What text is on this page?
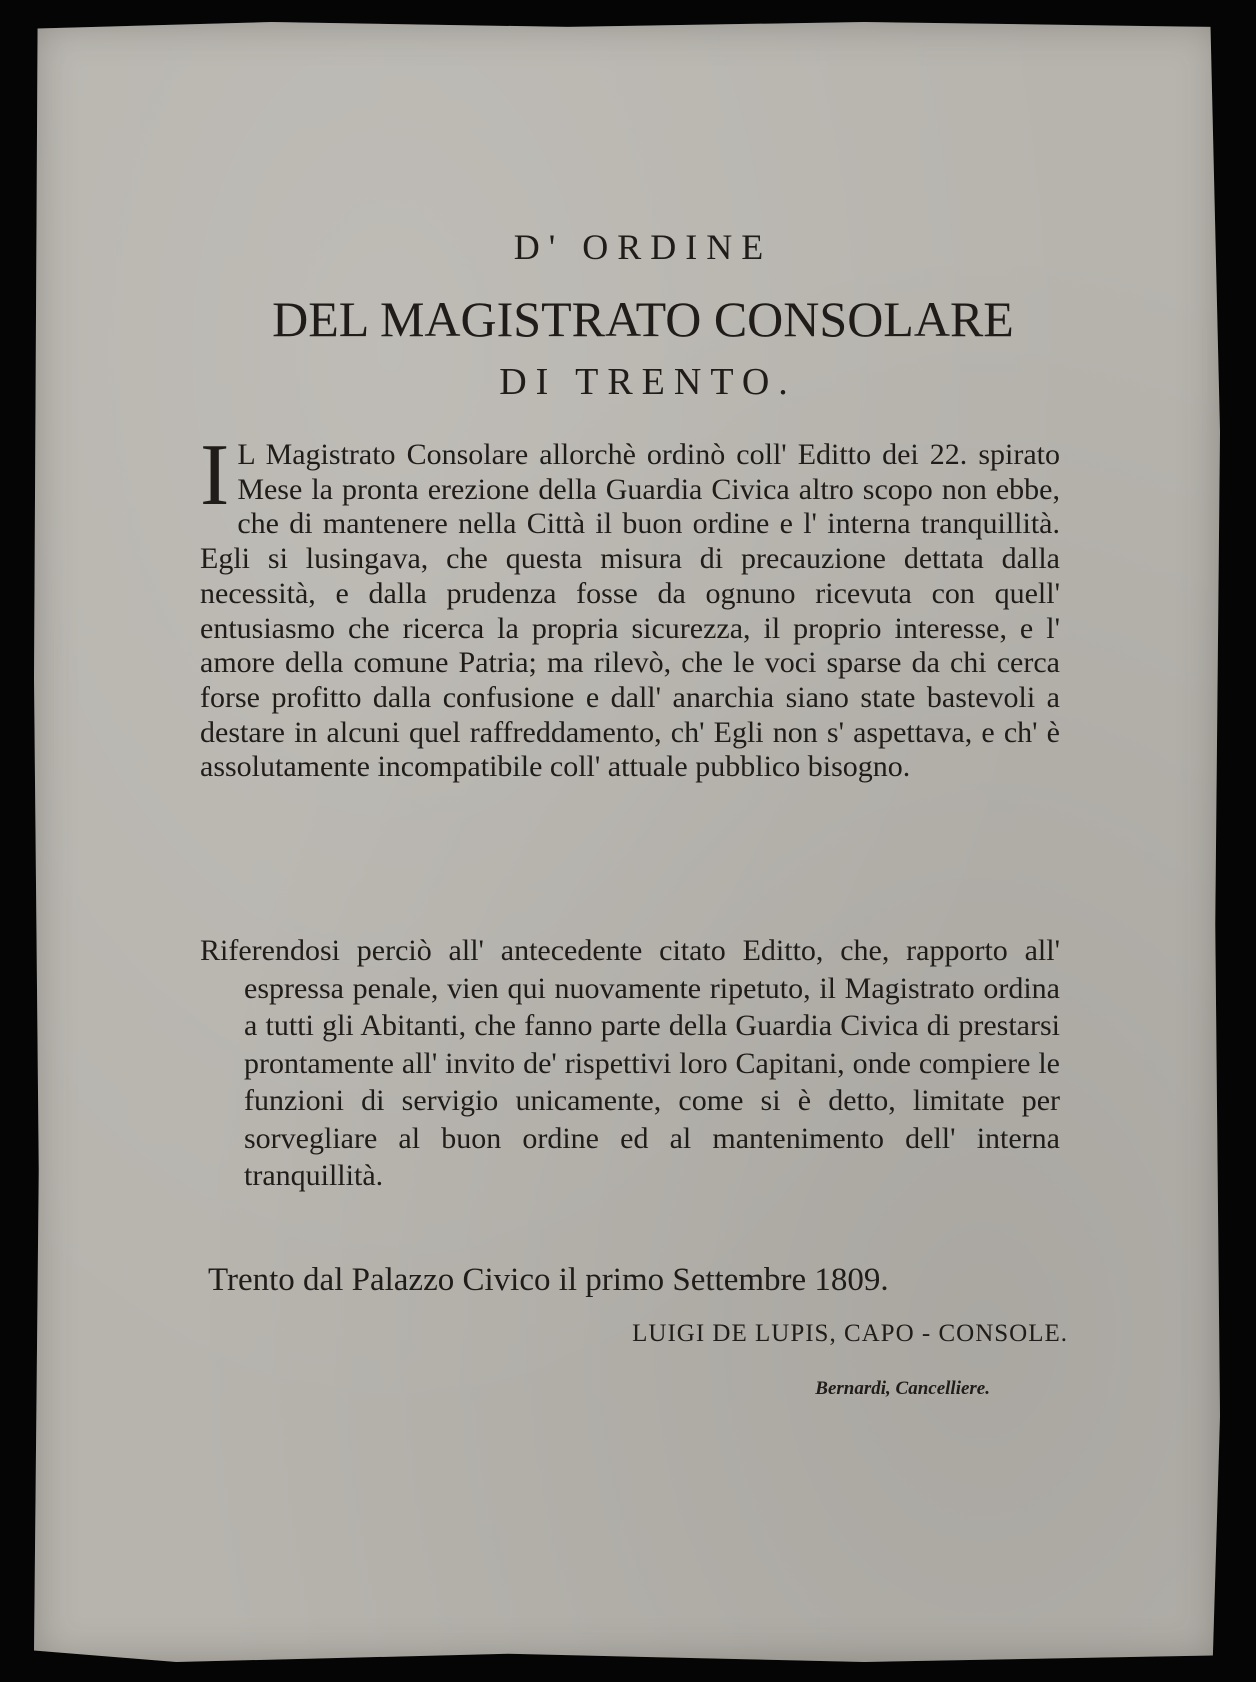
D' ORDINE
DEL MAGISTRATO CONSOLARE
DI TRENTO.
I L Magistrato Consolare allorchè ordinò coll' Editto dei 22. spirato Mese la pronta erezione della Guardia Civica altro scopo non ebbe, che di mantenere nella Città il buon ordine e l' interna tranquillità. Egli si lusingava, che questa misura di precauzione dettata dalla necessità, e dalla prudenza fosse da ognuno ricevuta con quell' entusiasmo che ricerca la propria sicurezza, il proprio interesse, e l' amore della comune Patria; ma rilevò, che le voci sparse da chi cerca forse profitto dalla confusione e dall' anarchia siano state bastevoli a destare in alcuni quel raffreddamento, ch' Egli non s' aspettava, e ch' è assolutamente incompatibile coll' attuale pubblico bisogno.
Riferendosi perciò all' antecedente citato Editto, che, rapporto all' espressa penale, vien qui nuovamente ripetuto, il Magistrato ordina a tutti gli Abitanti, che fanno parte della Guardia Civica di prestarsi prontamente all' invito de' rispettivi loro Capitani, onde compiere le funzioni di servigio unicamente, come si è detto, limitate per sorvegliare al buon ordine ed al mantenimento dell' interna tranquillità.
Trento dal Palazzo Civico il primo Settembre 1809.
LUIGI DE LUPIS, CAPO - CONSOLE.
Bernardi, Cancelliere.
